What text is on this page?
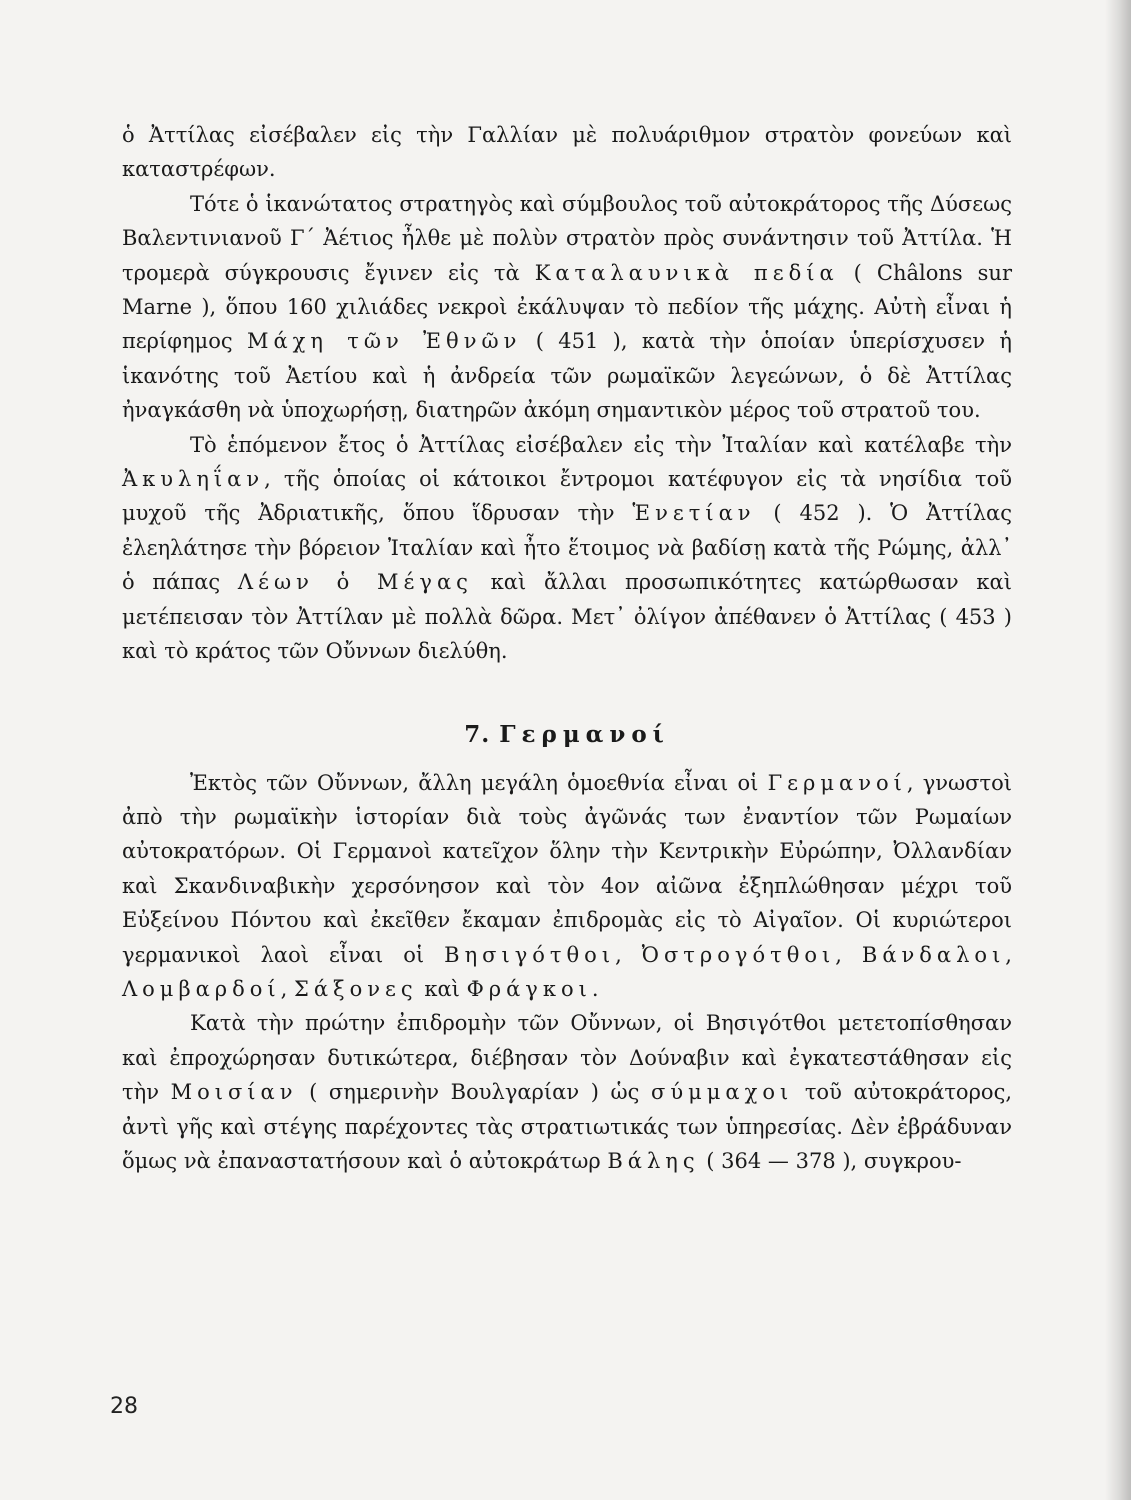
ὁ Ἀττίλας εἰσέβαλεν εἰς τὴν Γαλλίαν μὲ πολυάριθμον στρατὸν φονεύων καὶ καταστρέφων.

Τότε ὁ ἱκανώτατος στρατηγὸς καὶ σύμβουλος τοῦ αὐτοκράτορος τῆς Δύσεως Βαλεντινιανοῦ Γ΄ Ἀέτιος ἦλθε μὲ πολὺν στρατὸν πρὸς συνάντησιν τοῦ Ἀττίλα. Ἡ τρομερὰ σύγκρουσις ἔγινεν εἰς τὰ Καταλαυνικὰ πεδία ( Châlons sur Marne ), ὅπου 160 χιλιάδες νεκροὶ ἐκάλυψαν τὸ πεδίον τῆς μάχης. Αὐτὴ εἶναι ἡ περίφημος Μάχη τῶν Ἐθνῶν ( 451 ), κατὰ τὴν ὁποίαν ὑπερίσχυσεν ἡ ἱκανότης τοῦ Ἀετίου καὶ ἡ ἀνδρεία τῶν ρωμαϊκῶν λεγεώνων, ὁ δὲ Ἀττίλας ἠναγκάσθη νὰ ὑποχωρήσῃ, διατηρῶν ἀκόμη σημαντικὸν μέρος τοῦ στρατοῦ του.

Τὸ ἑπόμενον ἔτος ὁ Ἀττίλας εἰσέβαλεν εἰς τὴν Ἰταλίαν καὶ κατέλαβε τὴν Ἀκυληΐαν, τῆς ὁποίας οἱ κάτοικοι ἔντρομοι κατέφυγον εἰς τὰ νησίδια τοῦ μυχοῦ τῆς Ἀδριατικῆς, ὅπου ἵδρυσαν τὴν Ἑνετίαν ( 452 ). Ὁ Ἀττίλας ἐλεηλάτησε τὴν βόρειον Ἰταλίαν καὶ ἦτο ἕτοιμος νὰ βαδίσῃ κατὰ τῆς Ρώμης, ἀλλ᾽ ὁ πάπας Λέων ὁ Μέγας καὶ ἄλλαι προσωπικότητες κατώρθωσαν καὶ μετέπεισαν τὸν Ἀττίλαν μὲ πολλὰ δῶρα. Μετ᾽ ὀλίγον ἀπέθανεν ὁ Ἀττίλας ( 453 ) καὶ τὸ κράτος τῶν Οὔννων διελύθη.

7. Γερμανοί

Ἐκτὸς τῶν Οὔννων, ἄλλη μεγάλη ὁμοεθνία εἶναι οἱ Γερμανοί, γνωστοὶ ἀπὸ τὴν ρωμαϊκὴν ἱστορίαν διὰ τοὺς ἀγῶνάς των ἐναντίον τῶν Ρωμαίων αὐτοκρατόρων. Οἱ Γερμανοὶ κατεῖχον ὅλην τὴν Κεντρικὴν Εὐρώπην, Ὀλλανδίαν καὶ Σκανδιναβικὴν χερσόνησον καὶ τὸν 4ον αἰῶνα ἐξηπλώθησαν μέχρι τοῦ Εὐξείνου Πόντου καὶ ἐκεῖθεν ἔκαμαν ἐπιδρομὰς εἰς τὸ Αἰγαῖον. Οἱ κυριώτεροι γερμανικοὶ λαοὶ εἶναι οἱ Βησιγότθοι, Ὀστρογότθοι, Βάνδαλοι, Λομβαρδοί, Σάξονες καὶ Φράγκοι.

Κατὰ τὴν πρώτην ἐπιδρομὴν τῶν Οὔννων, οἱ Βησιγότθοι μετετοπίσθησαν καὶ ἐπροχώρησαν δυτικώτερα, διέβησαν τὸν Δούναβιν καὶ ἐγκατεστάθησαν εἰς τὴν Μοισίαν ( σημερινὴν Βουλγαρίαν ) ὡς σύμμαχοι τοῦ αὐτοκράτορος, ἀντὶ γῆς καὶ στέγης παρέχοντες τὰς στρατιωτικάς των ὑπηρεσίας. Δὲν ἐβράδυναν ὅμως νὰ ἐπαναστατήσουν καὶ ὁ αὐτοκράτωρ Βάλης ( 364 — 378 ), συγκρου-

28
